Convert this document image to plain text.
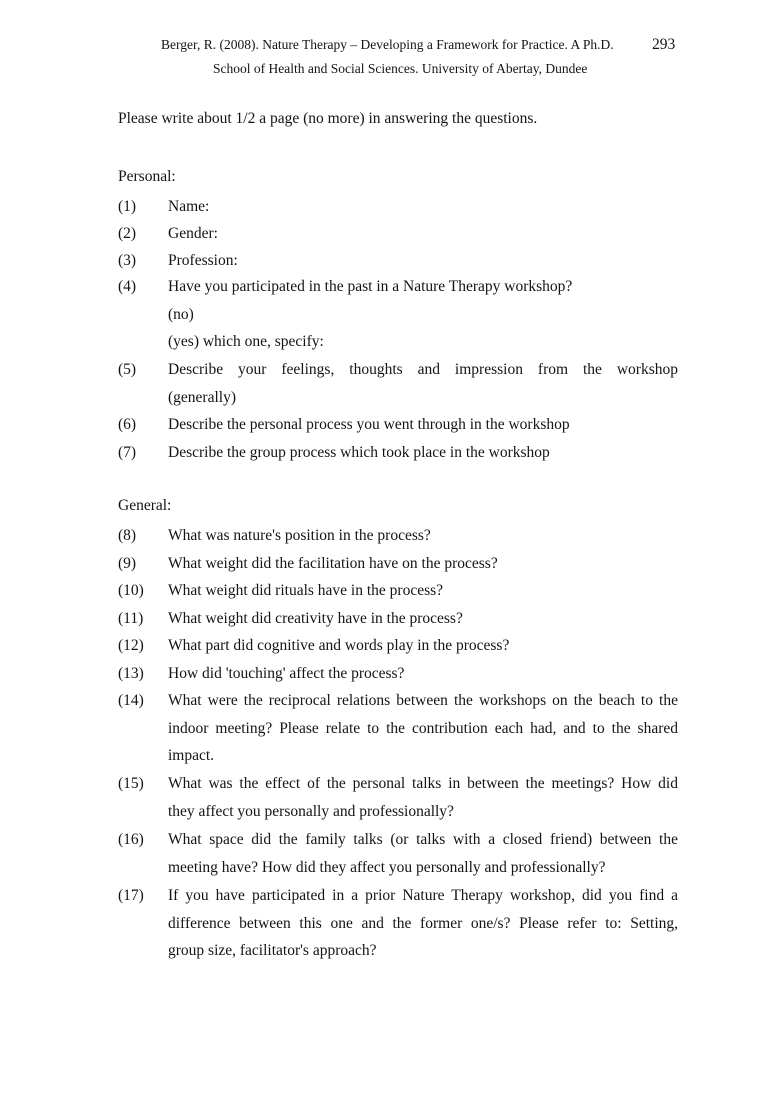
Berger, R. (2008). Nature Therapy – Developing a Framework for Practice. A Ph.D. 293
School of Health and Social Sciences. University of Abertay, Dundee
Please write about 1/2 a page (no more) in answering the questions.
Personal:
(1) Name:
(2) Gender:
(3) Profession:
(4) Have you participated in the past in a Nature Therapy workshop?
(no)
(yes) which one, specify:
(5) Describe your feelings, thoughts and impression from the workshop
(generally)
(6) Describe the personal process you went through in the workshop
(7) Describe the group process which took place in the workshop
General:
(8) What was nature's position in the process?
(9) What weight did the facilitation have on the process?
(10) What weight did rituals have in the process?
(11) What weight did creativity have in the process?
(12) What part did cognitive and words play in the process?
(13) How did 'touching' affect the process?
(14) What were the reciprocal relations between the workshops on the beach to the
indoor meeting? Please relate to the contribution each had, and to the shared
impact.
(15) What was the effect of the personal talks in between the meetings? How did
they affect you personally and professionally?
(16) What space did the family talks (or talks with a closed friend) between the
meeting have? How did they affect you personally and professionally?
(17) If you have participated in a prior Nature Therapy workshop, did you find a
difference between this one and the former one/s? Please refer to: Setting,
group size, facilitator's approach?
